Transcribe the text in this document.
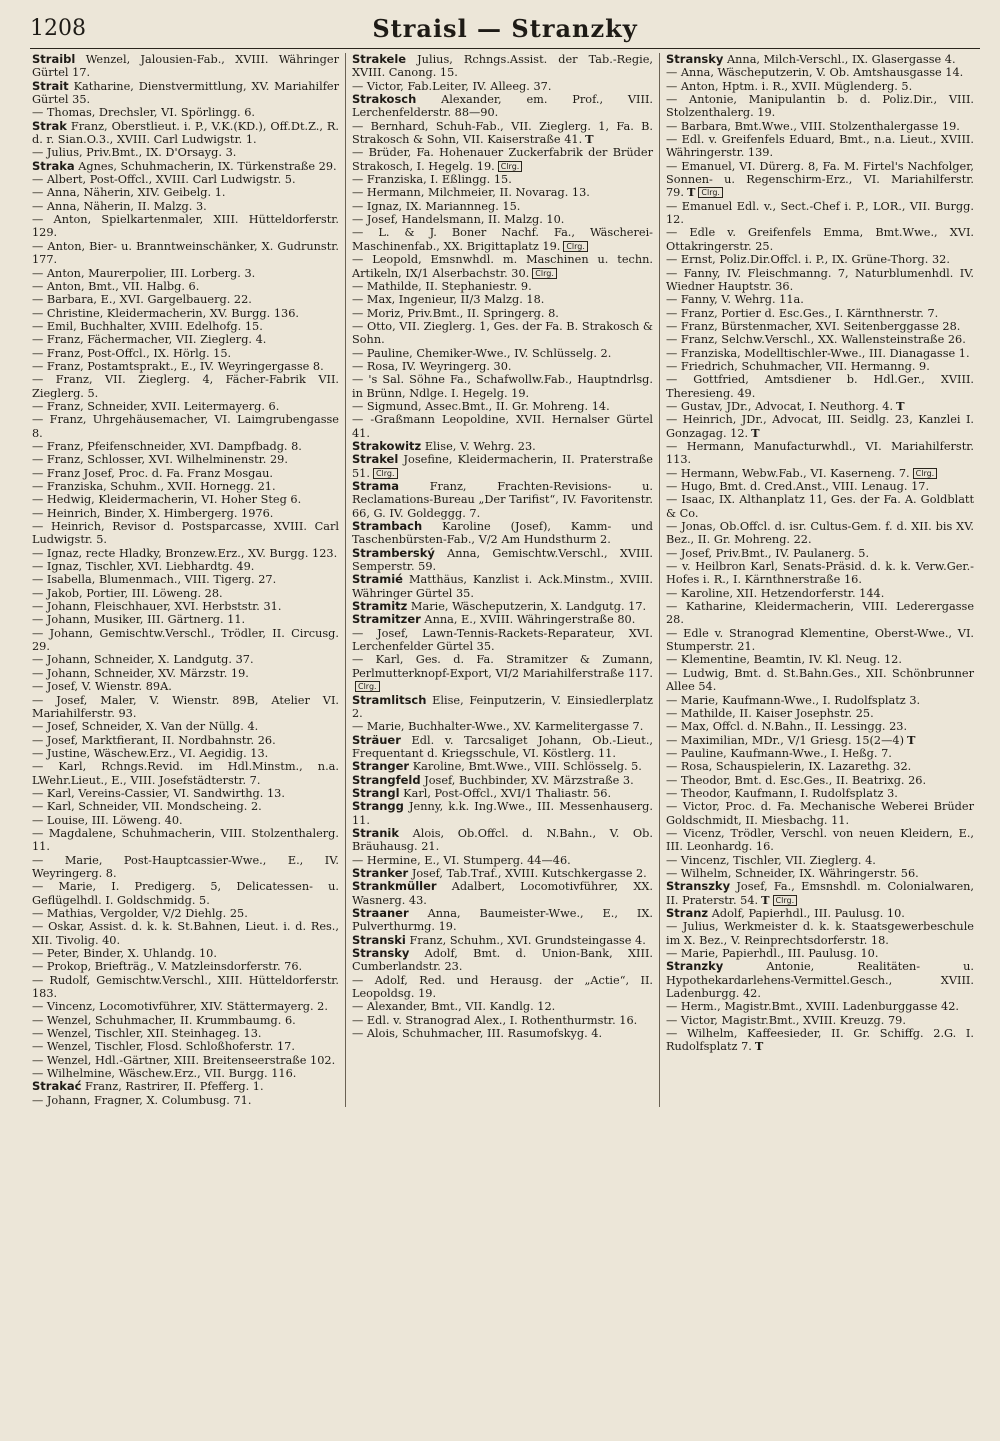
1208	Straisl — Stranzky

Straibl Wenzel, Jalousien-Fab., XVIII. Währinger Gürtel 17.

Strait Katharine, Dienstvermittlung, XV. Mariahilfer Gürtel 35.

— Thomas, Drechsler, VI. Spörlingg. 6.

Strak Franz, Oberstlieut. i. P., V.K.(KD.), Off.Dt.Z., R. d. r. Sian.O.3., XVIII. Carl Ludwigstr. 1.

— Julius, Priv.Bmt., IX. D'Orsayg. 3.

Straka Agnes, Schuhmacherin, IX. Türkenstraße 29.

— Albert, Post-Offcl., XVIII. Carl Ludwigstr. 5.

— Anna, Näherin, XIV. Geibelg. 1.

— Anna, Näherin, II. Malzg. 3.

— Anton, Spielkartenmaler, XIII. Hütteldorferstr. 129.

— Anton, Bier- u. Branntweinschänker, X. Gudrunstr. 177.

— Anton, Maurerpolier, III. Lorberg. 3.

— Anton, Bmt., VII. Halbg. 6.

— Barbara, E., XVI. Gargelbauerg. 22.

— Christine, Kleidermacherin, XV. Burgg. 136.

— Emil, Buchhalter, XVIII. Edelhofg. 15.

— Franz, Fächermacher, VII. Zieglerg. 4.

— Franz, Post-Offcl., IX. Hörlg. 15.

— Franz, Postamtsprakt., E., IV. Weyringergasse 8.

— Franz, VII. Zieglerg. 4, Fächer-Fabrik VII. Zieglerg. 5.

— Franz, Schneider, XVII. Leitermayerg. 6.

— Franz, Uhrgehäusemacher, VI. Laimgrubengasse 8.

— Franz, Pfeifenschneider, XVI. Dampfbadg. 8.

— Franz, Schlosser, XVI. Wilhelminenstr. 29.

— Franz Josef, Proc. d. Fa. Franz Mosgau.

— Franziska, Schuhm., XVII. Hornegg. 21.

— Hedwig, Kleidermacherin, VI. Hoher Steg 6.

— Heinrich, Binder, X. Himbergerg. 1976.

— Heinrich, Revisor d. Postsparcasse, XVIII. Carl Ludwigstr. 5.

— Ignaz, recte Hladky, Bronzew.Erz., XV. Burgg. 123.

— Ignaz, Tischler, XVI. Liebhardtg. 49.

— Isabella, Blumenmach., VIII. Tigerg. 27.

— Jakob, Portier, III. Löweng. 28.

— Johann, Fleischhauer, XVI. Herbststr. 31.

— Johann, Musiker, III. Gärtnerg. 11.

— Johann, Gemischtw.Verschl., Trödler, II. Circusg. 29.

— Johann, Schneider, X. Landgutg. 37.

— Johann, Schneider, XV. Märzstr. 19.

— Josef, V. Wienstr. 89A.

— Josef, Maler, V. Wienstr. 89B, Atelier VI. Mariahilferstr. 93.

— Josef, Schneider, X. Van der Nüllg. 4.

— Josef, Marktfierant, II. Nordbahnstr. 26.

— Justine, Wäschew.Erz., VI. Aegidig. 13.

— Karl, Rchngs.Revid. im Hdl.Minstm., n.a. LWehr.Lieut., E., VIII. Josefstädterstr. 7.

— Karl, Vereins-Cassier, VI. Sandwirthg. 13.

— Karl, Schneider, VII. Mondscheing. 2.

— Louise, III. Löweng. 40.

— Magdalene, Schuhmacherin, VIII. Stolzenthalerg. 11.

— Marie, Post-Hauptcassier-Wwe., E., IV. Weyringerg. 8.

— Marie, I. Predigerg. 5, Delicatessen- u. Geflügelhdl. I. Goldschmidg. 5.

— Mathias, Vergolder, V/2 Diehlg. 25.

— Oskar, Assist. d. k. k. St.Bahnen, Lieut. i. d. Res., XII. Tivolig. 40.

— Peter, Binder, X. Uhlandg. 10.

— Prokop, Briefträg., V. Matzleinsdorferstr. 76.

— Rudolf, Gemischtw.Verschl., XIII. Hütteldorferstr. 183.

— Vincenz, Locomotivführer, XIV. Stättermayerg. 2.

— Wenzel, Schuhmacher, II. Krummbaumg. 6.

— Wenzel, Tischler, XII. Steinhageg. 13.

— Wenzel, Tischler, Flosd. Schloßhoferstr. 17.

— Wenzel, Hdl.-Gärtner, XIII. Breitenseerstraße 102.

— Wilhelmine, Wäschew.Erz., VII. Burgg. 116.

Strakać Franz, Rastrirer, II. Pfefferg. 1.

— Johann, Fragner, X. Columbusg. 71.

Strakele Julius, Rchngs.Assist. der Tab.-Regie, XVIII. Canong. 15.

— Victor, Fab.Leiter, IV. Alleeg. 37.

Strakosch Alexander, em. Prof., VIII. Lerchenfelderstr. 88—90.

— Bernhard, Schuh-Fab., VII. Zieglerg. 1, Fa. B. Strakosch & Sohn, VII. Kaiserstraße 41. T

— Brüder, Fa. Hohenauer Zuckerfabrik der Brüder Strakosch, I. Hegelg. 19. Clrg.

— Franziska, I. Eßlingg. 15.

— Hermann, Milchmeier, II. Novarag. 13.

— Ignaz, IX. Mariannneg. 15.

— Josef, Handelsmann, II. Malzg. 10.

— L. & J. Boner Nachf. Fa., Wäscherei-Maschinenfab., XX. Brigittaplatz 19. Clrg.

— Leopold, Emsnwhdl. m. Maschinen u. techn. Artikeln, IX/1 Alserbachstr. 30. Clrg.

— Mathilde, II. Stephaniestr. 9.

— Max, Ingenieur, II/3 Malzg. 18.

— Moriz, Priv.Bmt., II. Springerg. 8.

— Otto, VII. Zieglerg. 1, Ges. der Fa. B. Strakosch & Sohn.

— Pauline, Chemiker-Wwe., IV. Schlüsselg. 2.

— Rosa, IV. Weyringerg. 30.

— 's Sal. Söhne Fa., Schafwollw.Fab., Hauptndrlsg. in Brünn, Ndlge. I. Hegelg. 19.

— Sigmund, Assec.Bmt., II. Gr. Mohreng. 14.

— -Graßmann Leopoldine, XVII. Hernalser Gürtel 41.

Strakowitz Elise, V. Wehrg. 23.

Strakel Josefine, Kleidermacherin, II. Praterstraße 51. Clrg.

Strama	Franz, Frachten-Revisions- u. Reclamations-Bureau „Der Tarifist“, IV. Favoritenstr. 66, G. IV. Goldeggg. 7.

Strambach Karoline (Josef), Kamm- und Taschenbürsten-Fab., V/2 Am Hundsthurm 2.

Stramberský Anna, Gemischtw.Verschl., XVIII. Semperstr. 59.

Stramié Matthäus, Kanzlist i. Ack.Minstm., XVIII. Währinger Gürtel 35.

Stramitz Marie, Wäscheputzerin, X. Landgutg. 17.

Stramitzer Anna, E., XVIII. Währingerstraße 80.

— Josef, Lawn-Tennis-Rackets-Reparateur, XVI. Lerchenfelder Gürtel 35.

— Karl, Ges. d. Fa. Stramitzer & Zumann, Perlmutterknopf-Export, VI/2 Mariahilferstraße 117.Clrg.

Stramlitsch Elise, Feinputzerin, V. Einsiedlerplatz 2.

— Marie, Buchhalter-Wwe., XV. Karmelitergasse 7.

Sträuer Edl. v. Tarcsaliget Johann, Ob.-Lieut., Frequentant d. Kriegsschule, VI. Köstlerg. 11.

Stranger Karoline, Bmt.Wwe., VIII. Schlösselg. 5.

Strangfeld Josef, Buchbinder, XV. Märzstraße 3.

Strangl Karl, Post-Offcl., XVI/1 Thaliastr. 56.

Strangg Jenny, k.k. Ing.Wwe., III. Messenhauserg. 11.

Stranik Alois, Ob.Offcl. d. N.Bahn., V. Ob. Bräuhausg. 21.

— Hermine, E., VI. Stumperg. 44—46.

Stranker Josef, Tab.Traf., XVIII. Kutschkergasse 2.

Strankmüller Adalbert, Locomotivführer, XX. Wasnerg. 43.

Straaner Anna, Baumeister-Wwe., E., IX. Pulverthurmg. 19.

Stranski Franz, Schuhm., XVI. Grundsteingasse 4.

Stransky Adolf, Bmt. d. Union-Bank, XIII. Cumberlandstr. 23.

— Adolf, Red. und Herausg. der „Actie“, II. Leopoldsg. 19.

— Alexander, Bmt., VII. Kandlg. 12.

— Edl. v. Stranograd Alex., I. Rothenthurmstr. 16.

— Alois, Schuhmacher, III. Rasumofskyg. 4.

Stransky Anna, Milch-Verschl., IX. Glasergasse 4.

— Anna, Wäscheputzerin, V. Ob. Amtshausgasse 14.

— Anton, Hptm. i. R., XVII. Müglenderg. 5.

— Antonie, Manipulantin b. d. Poliz.Dir., VIII. Stolzenthalerg. 19.

— Barbara, Bmt.Wwe., VIII. Stolzenthalergasse 19.

— Edl. v. Greifenfels Eduard, Bmt., n.a. Lieut., XVIII. Währingerstr. 139.

— Emanuel, VI. Dürerg. 8, Fa. M. Firtel's Nachfolger, Sonnen- u. Regenschirm-Erz., VI. Mariahilferstr. 79. T Clrg.

— Emanuel Edl. v., Sect.-Chef i. P., LOR., VII. Burgg. 12.

— Edle v. Greifenfels Emma, Bmt.Wwe., XVI. Ottakringerstr. 25.

— Ernst, Poliz.Dir.Offcl. i. P., IX. Grüne-Thorg. 32.

— Fanny, IV. Fleischmanng. 7, Naturblumenhdl. IV. Wiedner Hauptstr. 36.

— Fanny, V. Wehrg. 11a.

— Franz, Portier d. Esc.Ges., I. Kärnthnerstr. 7.

— Franz, Bürstenmacher, XVI. Seitenberggasse 28.

— Franz, Selchw.Verschl., XX. Wallensteinstraße 26.

— Franziska, Modelltischler-Wwe., III. Dianagasse 1.

— Friedrich, Schuhmacher, VII. Hermanng. 9.

— Gottfried, Amtsdiener b. Hdl.Ger., XVIII. Theresieng. 49.

— Gustav, JDr., Advocat, I. Neuthorg. 4. T

— Heinrich, JDr., Advocat, III. Seidlg. 23, Kanzlei I. Gonzagag. 12. T

— Hermann, Manufacturwhdl., VI. Mariahilferstr. 113.

— Hermann, Webw.Fab., VI. Kaserneng. 7. Clrg.

— Hugo, Bmt. d. Cred.Anst., VIII. Lenaug. 17.

— Isaac, IX. Althanplatz 11, Ges. der Fa. A. Goldblatt & Co.

— Jonas, Ob.Offcl. d. isr. Cultus-Gem. f. d. XII. bis XV. Bez., II. Gr. Mohreng. 22.

— Josef, Priv.Bmt., IV. Paulanerg. 5.

— v. Heilbron Karl, Senats-Präsid. d. k. k. Verw.Ger.-Hofes i. R., I. Kärnthnerstraße 16.

— Karoline, XII. Hetzendorferstr. 144.

— Katharine, Kleidermacherin, VIII. Lederergasse 28.

— Edle v. Stranograd Klementine, Oberst-Wwe., VI. Stumperstr. 21.

— Klementine, Beamtin, IV. Kl. Neug. 12.

— Ludwig, Bmt. d. St.Bahn.Ges., XII. Schönbrunner Allee 54.

— Marie, Kaufmann-Wwe., I. Rudolfsplatz 3.

— Mathilde, II. Kaiser Josephstr. 25.

— Max, Offcl. d. N.Bahn., II. Lessingg. 23.

— Maximilian, MDr., V/1 Griesg. 15(2—4) T

— Pauline, Kaufmann-Wwe., I. Heßg. 7.

— Rosa, Schauspielerin, IX. Lazarethg. 32.

— Theodor, Bmt. d. Esc.Ges., II. Beatrixg. 26.

— Theodor, Kaufmann, I. Rudolfsplatz 3.

— Victor, Proc. d. Fa. Mechanische Weberei Brüder Goldschmidt, II. Miesbachg. 11.

— Vicenz, Trödler, Verschl. von neuen Kleidern, E., III. Leonhardg. 16.

— Vincenz, Tischler, VII. Zieglerg. 4.

— Wilhelm, Schneider, IX. Währingerstr. 56.

Stranszky Josef, Fa., Emsnshdl. m. Colonialwaren, II. Praterstr. 54. T Clrg.

Stranz Adolf, Papierhdl., III. Paulusg. 10.

— Julius, Werkmeister d. k. k. Staatsgewerbeschule im X. Bez., V. Reinprechtsdorferstr. 18.

— Marie, Papierhdl., III. Paulusg. 10.

Stranzky	Antonie, Realitäten- u. Hypothekardarlehens-Vermittel.Gesch., XVIII. Ladenburgg. 42.

— Herm., Magistr.Bmt., XVIII. Ladenburggasse 42.

— Victor, Magistr.Bmt., XVIII. Kreuzg. 79.

— Wilhelm, Kaffeesieder, II. Gr. Schiffg. 2.G. I. Rudolfsplatz 7. T
